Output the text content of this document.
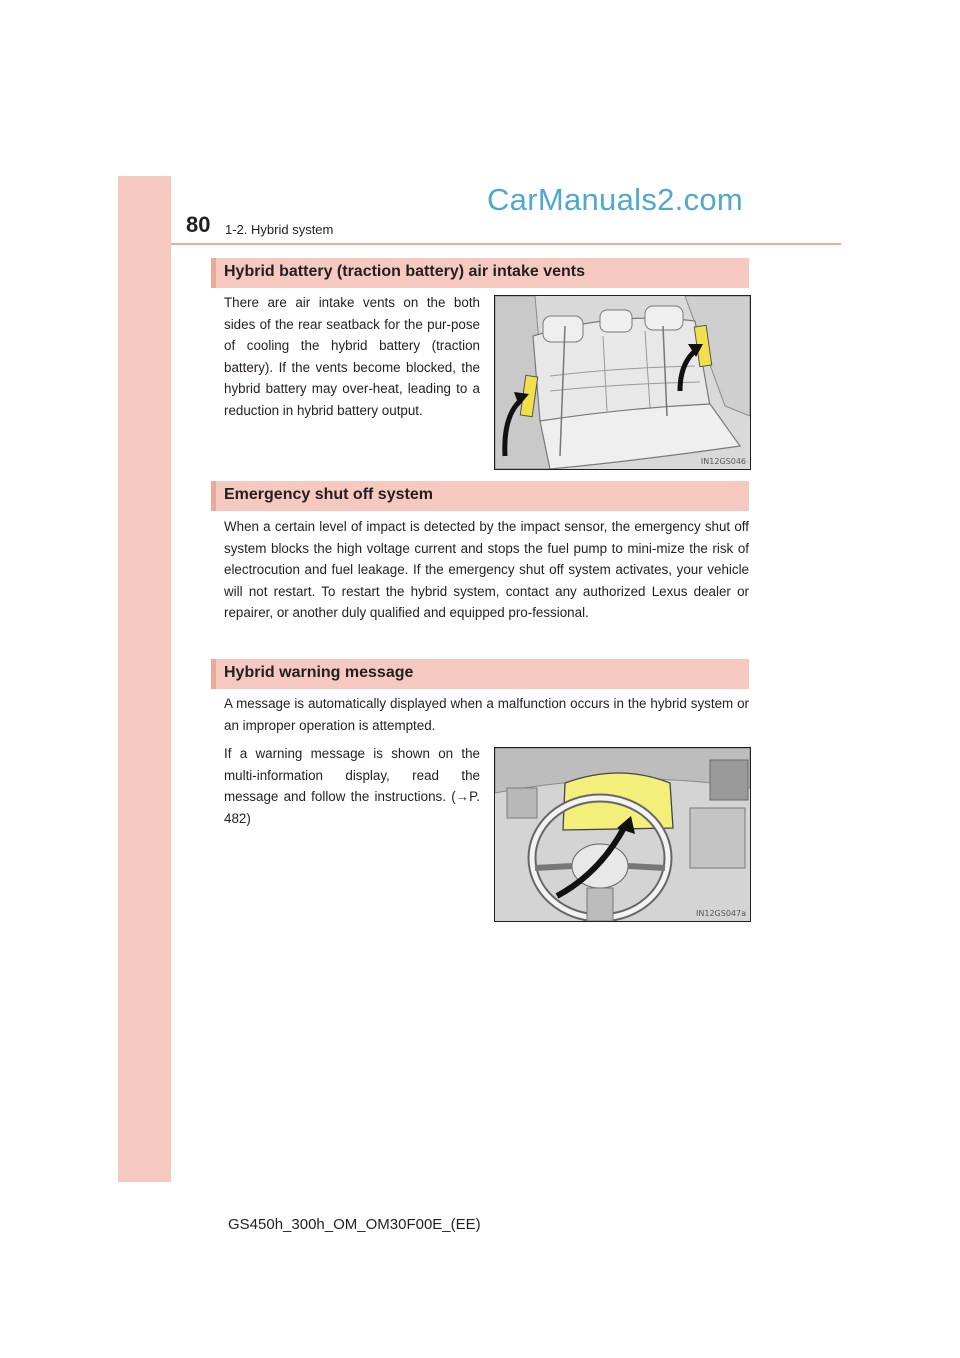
80 1-2. Hybrid system
CarManuals2.com
Hybrid battery (traction battery) air intake vents

There are air intake vents on the both sides of the rear seatback for the pur-pose of cooling the hybrid battery (traction battery). If the vents become blocked, the hybrid battery may over-heat, leading to a reduction in hybrid battery output.

IN12GS046
Emergency shut off system

When a certain level of impact is detected by the impact sensor, the emergency shut off system blocks the high voltage current and stops the fuel pump to mini-mize the risk of electrocution and fuel leakage. If the emergency shut off system activates, your vehicle will not restart. To restart the hybrid system, contact any authorized Lexus dealer or repairer, or another duly qualified and equipped pro-fessional.

Hybrid warning message

A message is automatically displayed when a malfunction occurs in the hybrid system or an improper operation is attempted.

If a warning message is shown on the multi-information display, read the message and follow the instructions. (→P. 482)

IN12GS047a
GS450h_300h_OM_OM30F00E_(EE)
